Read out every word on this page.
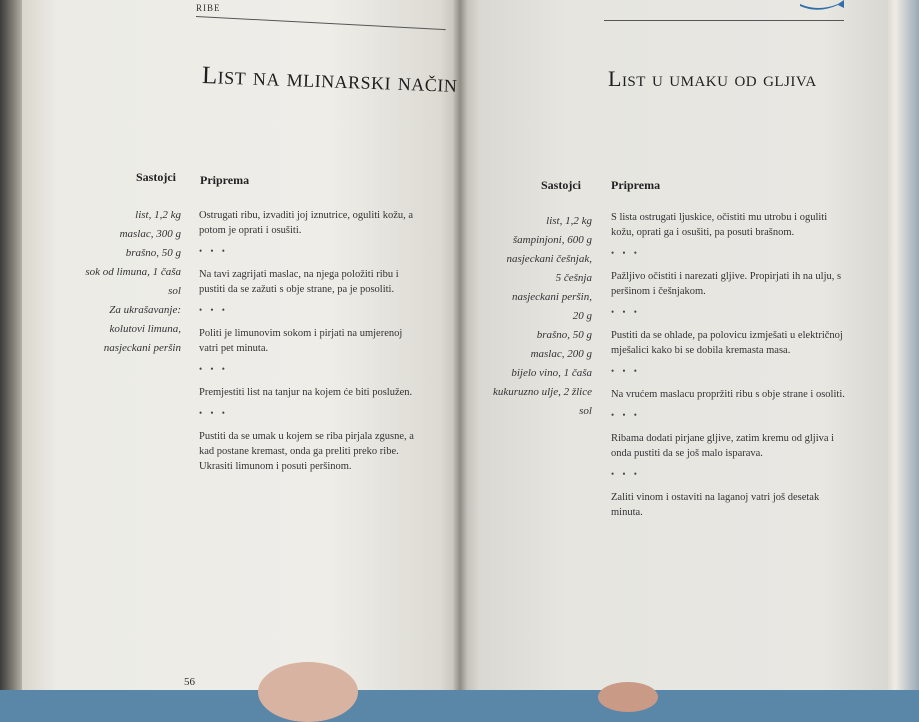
RIBE
List na mlinarski način
Sastojci Priprema
list, 1,2 kg
maslac, 300 g
brašno, 50 g
sok od limuna, 1 čaša
sol
Za ukrašavanje:
kolutovi limuna,
nasjeckani peršin
Ostrugati ribu, izvaditi joj iznutrice, oguliti kožu, a potom je oprati i osušiti.
• • •
Na tavi zagrijati maslac, na njega položiti ribu i pustiti da se zažuti s obje strane, pa je posoliti.
• • •
Politi je limunovim sokom i pirjati na umjerenoj vatri pet minuta.
• • •
Premjestiti list na tanjur na kojem će biti poslužen.
• • •
Pustiti da se umak u kojem se riba pirjala zgusne, a kad postane kremast, onda ga preliti preko ribe. Ukrasiti limunom i posuti peršinom.
List u umaku od gljiva
Sastojci	Priprema
list, 1,2 kg
šampinjoni, 600 g
nasjeckani češnjak,
5 češnja
nasjeckani peršin,
20 g
brašno, 50 g
maslac, 200 g
bijelo vino, 1 čaša
kukuruzno ulje, 2 žlice
sol
S lista ostrugati ljuskice, očistiti mu utrobu i oguliti kožu, oprati ga i osušiti, pa posuti brašnom.
• • •
Pažljivo očistiti i narezati gljive. Propirjati ih na ulju, s peršinom i češnjakom.
• • •
Pustiti da se ohlade, pa polovicu izmješati u električnoj mješalici kako bi se dobila kremasta masa.
• • •
Na vrućem maslacu propržiti ribu s obje strane i osoliti.
• • •
Ribama dodati pirjane gljive, zatim kremu od gljiva i onda pustiti da se još malo isparava.
• • •
Zaliti vinom i ostaviti na laganoj vatri još desetak minuta.
56
